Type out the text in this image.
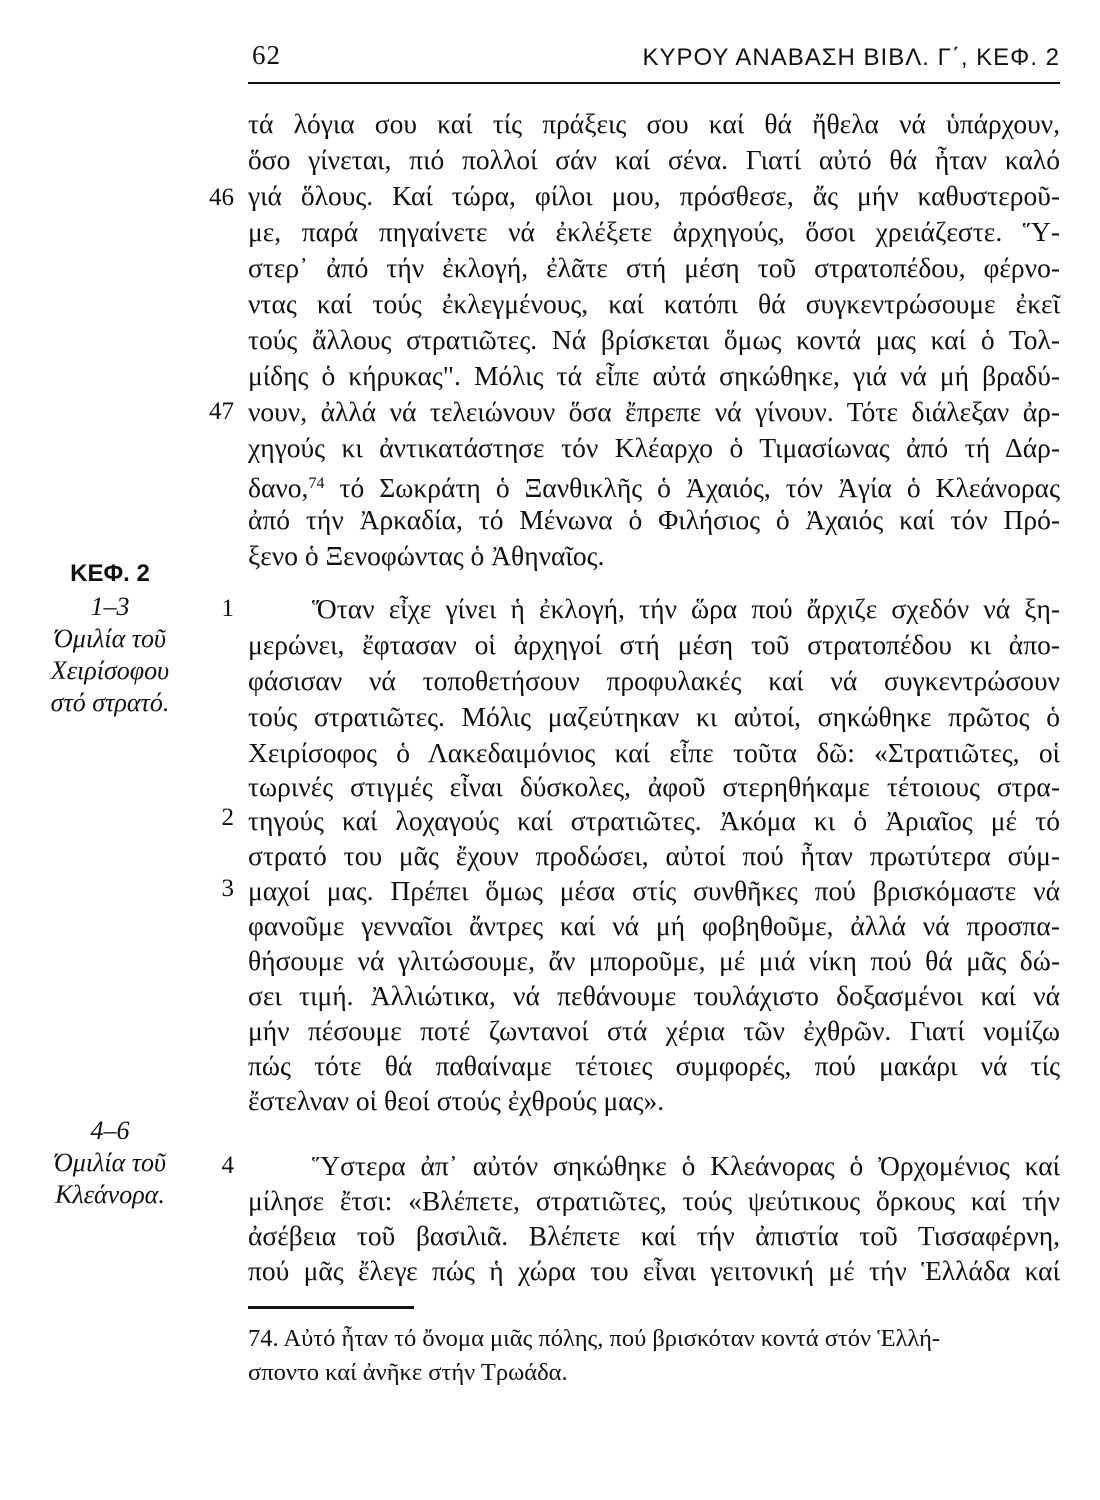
62	ΚΥΡΟΥ ΑΝΑΒΑΣΗ ΒΙΒΛ. Γ΄, ΚΕΦ. 2
ΚΕΦ. 2
1–3
Όμιλία τοῦ
Χειρίσοφου
στό στρατό.
4–6
Όμιλία τοῦ
Κλεάνορα.
46
47
1
2
3
4

τά λόγια σου καί τίς πράξεις σου καί θά ἤθελα νά ὑπάρχουν,

ὅσο γίνεται, πιό πολλοί σάν καί σένα. Γιατί αὐτό θά ἦταν καλό

γιά ὅλους. Καί τώρα, φίλοι μου, πρόσθεσε, ἄς μήν καθυστεροῦ-

με, παρά πηγαίνετε νά ἐκλέξετε ἀρχηγούς, ὅσοι χρειάζεστε. Ὕ-

στερ᾿ ἀπό τήν ἐκλογή, ἐλᾶτε στή μέση τοῦ στρατοπέδου, φέρνο-

ντας καί τούς ἐκλεγμένους, καί κατόπι θά συγκεντρώσουμε ἐκεῖ

τούς ἄλλους στρατιῶτες. Νά βρίσκεται ὅμως κοντά μας καί ὁ Τολ-

μίδης ὁ κήρυκας". Μόλις τά εἶπε αὐτά σηκώθηκε, γιά νά μή βραδύ-

νουν, ἀλλά νά τελειώνουν ὅσα ἔπρεπε νά γίνουν. Τότε διάλεξαν ἀρ-

χηγούς κι ἀντικατάστησε τόν Κλέαρχο ὁ Τιμασίωνας ἀπό τή Δάρ-

δανο,$^{74}$ τό Σωκράτη ὁ Ξανθικλῆς ὁ Ἀχαιός, τόν Ἀγία ὁ Κλεάνορας

ἀπό τήν Ἀρκαδία, τό Μένωνα ὁ Φιλήσιος ὁ Ἀχαιός καί τόν Πρό-

ξενο ὁ Ξενοφώντας ὁ Ἀθηναῖος.

Ὅταν εἶχε γίνει ἡ ἐκλογή, τήν ὥρα πού ἄρχιζε σχεδόν νά ξη-

μερώνει, ἔφτασαν οἱ ἀρχηγοί στή μέση τοῦ στρατοπέδου κι ἀπο-

φάσισαν νά τοποθετήσουν προφυλακές καί νά συγκεντρώσουν

τούς στρατιῶτες. Μόλις μαζεύτηκαν κι αὐτοί, σηκώθηκε πρῶτος ὁ

Χειρίσοφος ὁ Λακεδαιμόνιος καί εἶπε τοῦτα δῶ: «Στρατιῶτες, οἱ

τωρινές στιγμές εἶναι δύσκολες, ἀφοῦ στερηθήκαμε τέτοιους στρα-

τηγούς καί λοχαγούς καί στρατιῶτες. Ἀκόμα κι ὁ Ἀριαῖος μέ τό

στρατό του μᾶς ἔχουν προδώσει, αὐτοί πού ἦταν πρωτύτερα σύμ-

μαχοί μας. Πρέπει ὅμως μέσα στίς συνθῆκες πού βρισκόμαστε νά

φανοῦμε γενναῖοι ἄντρες καί νά μή φοβηθοῦμε, ἀλλά νά προσπα-

θήσουμε νά γλιτώσουμε, ἄν μποροῦμε, μέ μιά νίκη πού θά μᾶς δώ-

σει τιμή. Ἀλλιώτικα, νά πεθάνουμε τουλάχιστο δοξασμένοι καί νά

μήν πέσουμε ποτέ ζωντανοί στά χέρια τῶν ἐχθρῶν. Γιατί νομίζω

πώς τότε θά παθαίναμε τέτοιες συμφορές, πού μακάρι νά τίς

ἔστελναν οἱ θεοί στούς ἐχθρούς μας».

Ὕστερα ἀπ᾿ αὐτόν σηκώθηκε ὁ Κλεάνορας ὁ Ὀρχομένιος καί

μίλησε ἔτσι: «Βλέπετε, στρατιῶτες, τούς ψεύτικους ὅρκους καί τήν

ἀσέβεια τοῦ βασιλιᾶ. Βλέπετε καί τήν ἀπιστία τοῦ Τισσαφέρνη,

πού μᾶς ἔλεγε πώς ἡ χώρα του εἶναι γειτονική μέ τήν Ἑλλάδα καί

74. Αὐτό ἦταν τό ὄνομα μιᾶς πόλης, πού βρισκόταν κοντά στόν Ἑλλή-

σποντο καί ἀνῆκε στήν Τρωάδα.
